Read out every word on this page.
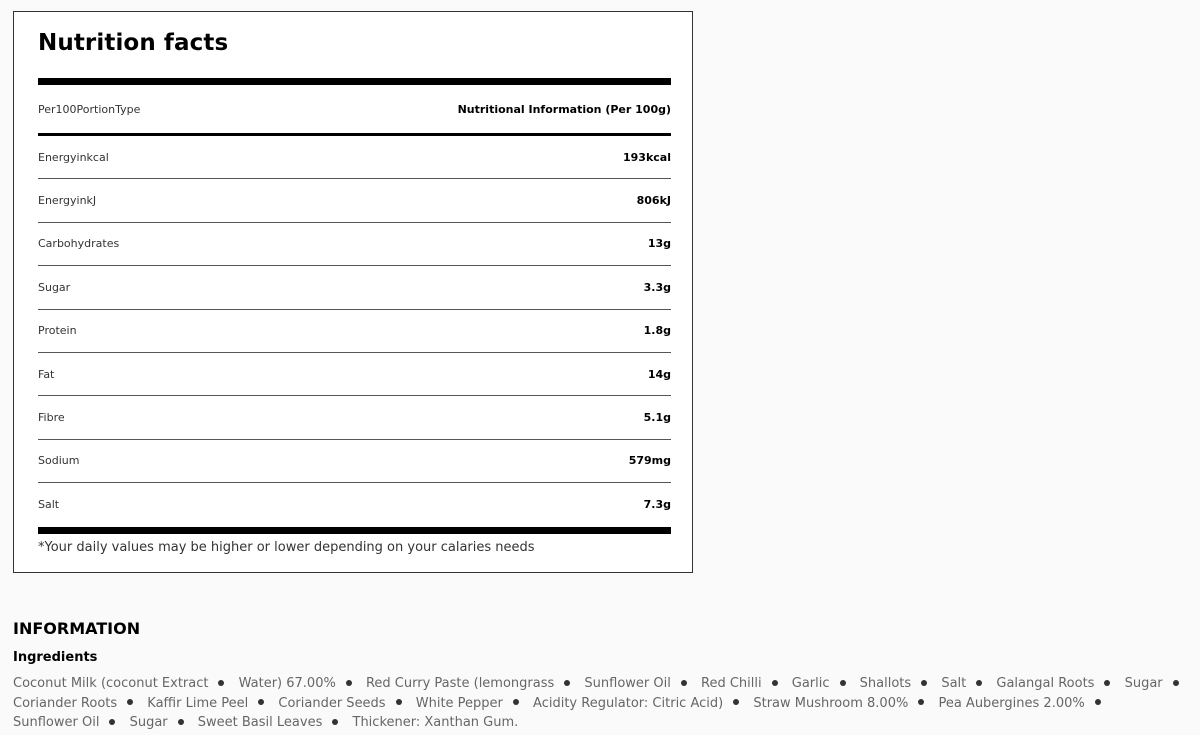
Nutrition facts
Per100PortionType	Nutritional Information (Per 100g)
Energyinkcal	193kcal
EnergyinkJ	806kJ
Carbohydrates	13g
Sugar	3.3g
Protein	1.8g
Fat	14g
Fibre	5.1g
Sodium	579mg
Salt	7.3g
*Your daily values may be higher or lower depending on your calaries needs
INFORMATION
Ingredients
Coconut Milk (coconut Extract Water) 67.00% Red Curry Paste (lemongrass Sunflower Oil Red Chilli Garlic Shallots Salt Galangal Roots Sugar Coriander Roots Kaffir Lime Peel Coriander Seeds White Pepper Acidity Regulator: Citric Acid) Straw Mushroom 8.00% Pea Aubergines 2.00% Sunflower Oil Sugar Sweet Basil Leaves Thickener: Xanthan Gum.
